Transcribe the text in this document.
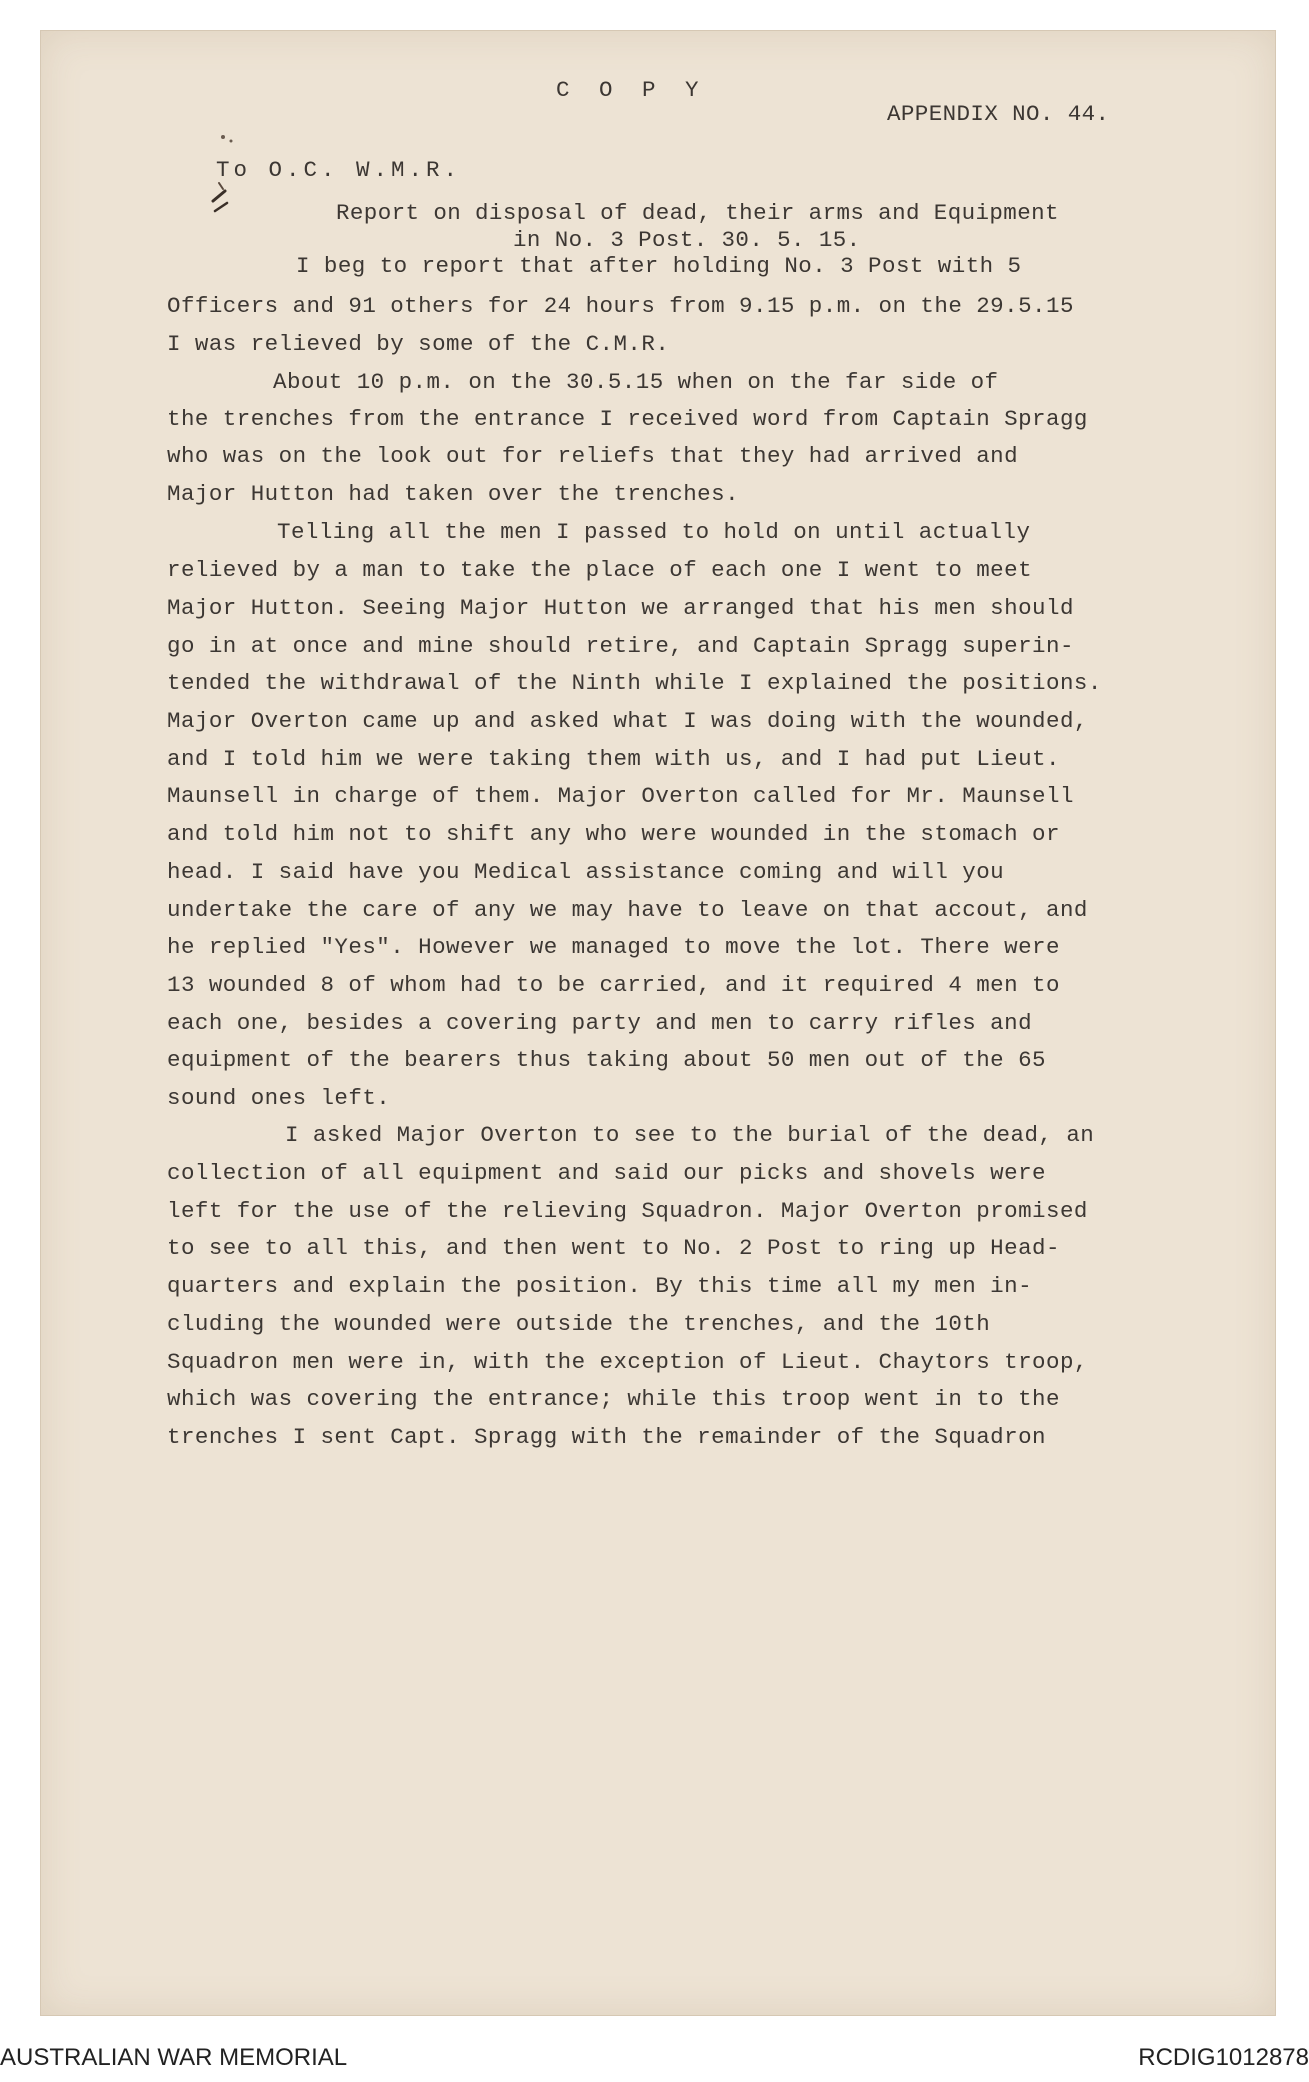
C O P Y
APPENDIX NO. 44.
To O.C. W.M.R.
Report on disposal of dead, their arms and Equipment
in No. 3 Post. 30. 5. 15.
I beg to report that after holding No. 3 Post with 5
Officers and 91 others for 24 hours from 9.15 p.m. on the 29.5.15
I was relieved by some of the C.M.R.
About 10 p.m. on the 30.5.15 when on the far side of
the trenches from the entrance I received word from Captain Spragg
who was on the look out for reliefs that they had arrived and
Major Hutton had taken over the trenches.
Telling all the men I passed to hold on until actually
relieved by a man to take the place of each one I went to meet
Major Hutton. Seeing Major Hutton we arranged that his men should
go in at once and mine should retire, and Captain Spragg superin-
tended the withdrawal of the Ninth while I explained the positions.
Major Overton came up and asked what I was doing with the wounded,
and I told him we were taking them with us, and I had put Lieut.
Maunsell in charge of them. Major Overton called for Mr. Maunsell
and told him not to shift any who were wounded in the stomach or
head. I said have you Medical assistance coming and will you
undertake the care of any we may have to leave on that accout, and
he replied "Yes". However we managed to move the lot. There were
13 wounded 8 of whom had to be carried, and it required 4 men to
each one, besides a covering party and men to carry rifles and
equipment of the bearers thus taking about 50 men out of the 65
sound ones left.
I asked Major Overton to see to the burial of the dead, an
collection of all equipment and said our picks and shovels were
left for the use of the relieving Squadron. Major Overton promised
to see to all this, and then went to No. 2 Post to ring up Head-
quarters and explain the position. By this time all my men in-
cluding the wounded were outside the trenches, and the 10th
Squadron men were in, with the exception of Lieut. Chaytors troop,
which was covering the entrance; while this troop went in to the
trenches I sent Capt. Spragg with the remainder of the Squadron
AUSTRALIAN WAR MEMORIAL	RCDIG1012878
